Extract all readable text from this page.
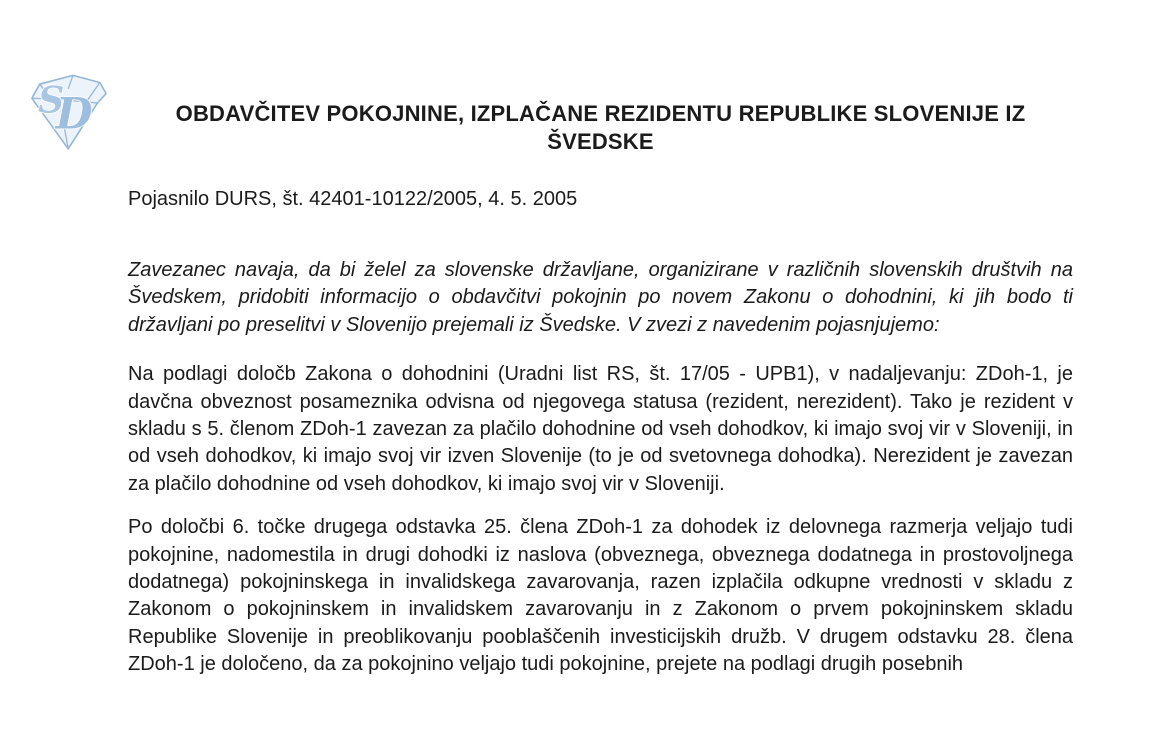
D
S	OBDAVČITEV POKOJNINE, IZPLAČANE REZIDENTU REPUBLIKE SLOVENIJE IZ ŠVEDSKE

Pojasnilo DURS, št. 42401-10122/2005, 4. 5. 2005

Zavezanec navaja, da bi želel za slovenske državljane, organizirane v različnih slovenskih društvih na Švedskem, pridobiti informacijo o obdavčitvi pokojnin po novem Zakonu o dohodnini, ki jih bodo ti državljani po preselitvi v Slovenijo prejemali iz Švedske. V zvezi z navedenim pojasnjujemo:

Na podlagi določb Zakona o dohodnini (Uradni list RS, št. 17/05 - UPB1), v nadaljevanju: ZDoh-1, je davčna obveznost posameznika odvisna od njegovega statusa (rezident, nerezident). Tako je rezident v skladu s 5. členom ZDoh-1 zavezan za plačilo dohodnine od vseh dohodkov, ki imajo svoj vir v Sloveniji, in od vseh dohodkov, ki imajo svoj vir izven Slovenije (to je od svetovnega dohodka). Nerezident je zavezan za plačilo dohodnine od vseh dohodkov, ki imajo svoj vir v Sloveniji.

Po določbi 6. točke drugega odstavka 25. člena ZDoh-1 za dohodek iz delovnega razmerja veljajo tudi pokojnine, nadomestila in drugi dohodki iz naslova (obveznega, obveznega dodatnega in prostovoljnega dodatnega) pokojninskega in invalidskega zavarovanja, razen izplačila odkupne vrednosti v skladu z Zakonom o pokojninskem in invalidskem zavarovanju in z Zakonom o prvem pokojninskem skladu Republike Slovenije in preoblikovanju pooblaščenih investicijskih družb. V drugem odstavku 28. člena ZDoh-1 je določeno, da za pokojnino veljajo tudi pokojnine, prejete na podlagi drugih posebnih
